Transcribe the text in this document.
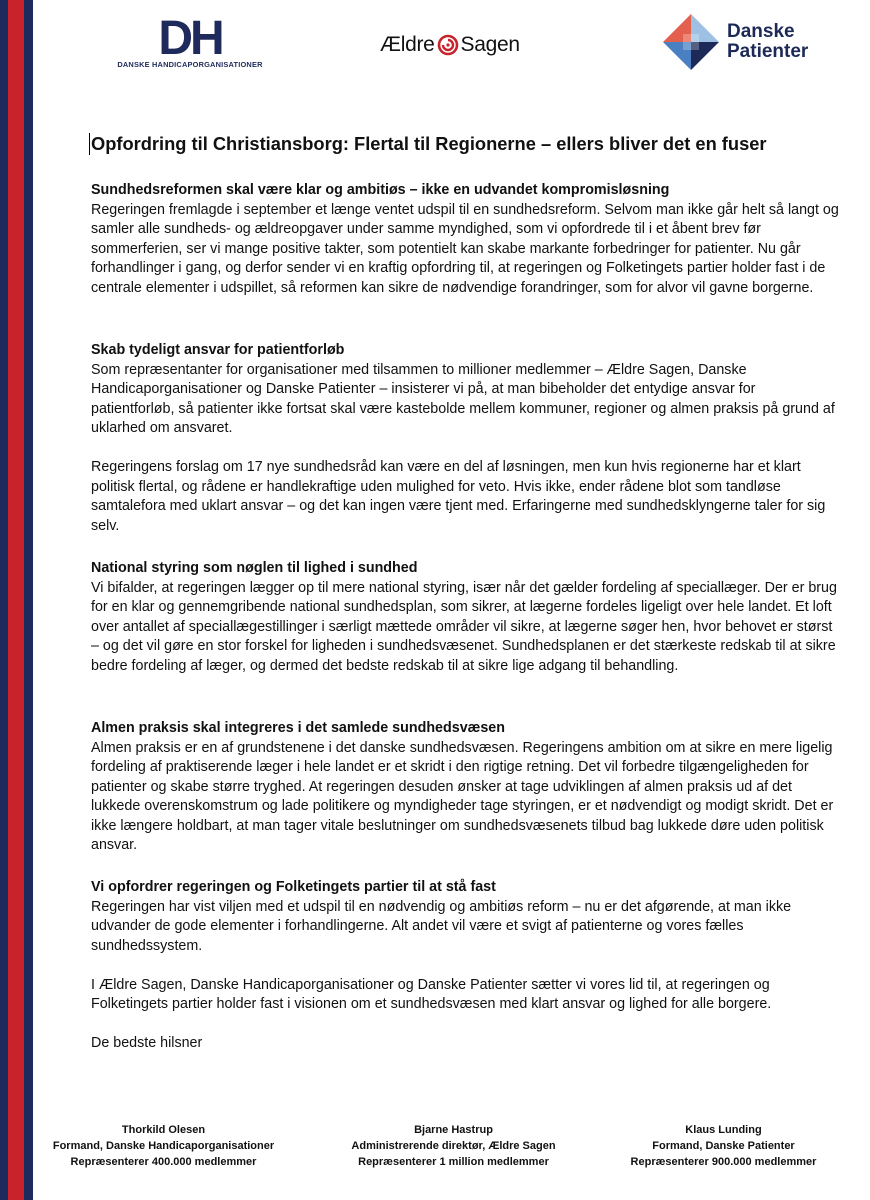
DH
DANSKE HANDICAPORGANISATIONER
Ældre Sagen
Danske
Patienter
Opfordring til Christiansborg: Flertal til Regionerne – ellers bliver det en fuser
Sundhedsreformen skal være klar og ambitiøs – ikke en udvandet kompromisløsning

Regeringen fremlagde i september et længe ventet udspil til en sundhedsreform. Selvom man ikke går helt så langt og samler alle sundheds- og ældreopgaver under samme myndighed, som vi opfordrede til i et åbent brev før sommerferien, ser vi mange positive takter, som potentielt kan skabe markante forbedringer for patienter. Nu går forhandlinger i gang, og derfor sender vi en kraftig opfordring til, at regeringen og Folketingets partier holder fast i de centrale elementer i udspillet, så reformen kan sikre de nødvendige forandringer, som for alvor vil gavne borgerne.

Skab tydeligt ansvar for patientforløb

Som repræsentanter for organisationer med tilsammen to millioner medlemmer – Ældre Sagen, Danske Handicaporganisationer og Danske Patienter – insisterer vi på, at man bibeholder det entydige ansvar for patientforløb, så patienter ikke fortsat skal være kastebolde mellem kommuner, regioner og almen praksis på grund af uklarhed om ansvaret.

Regeringens forslag om 17 nye sundhedsråd kan være en del af løsningen, men kun hvis regionerne har et klart politisk flertal, og rådene er handlekraftige uden mulighed for veto. Hvis ikke, ender rådene blot som tandløse samtalefora med uklart ansvar – og det kan ingen være tjent med. Erfaringerne med sundhedsklyngerne taler for sig selv.

National styring som nøglen til lighed i sundhed

Vi bifalder, at regeringen lægger op til mere national styring, især når det gælder fordeling af speciallæger. Der er brug for en klar og gennemgribende national sundhedsplan, som sikrer, at lægerne fordeles ligeligt over hele landet. Et loft over antallet af speciallægestillinger i særligt mættede områder vil sikre, at lægerne søger hen, hvor behovet er størst – og det vil gøre en stor forskel for ligheden i sundhedsvæsenet. Sundhedsplanen er det stærkeste redskab til at sikre bedre fordeling af læger, og dermed det bedste redskab til at sikre lige adgang til behandling.

Almen praksis skal integreres i det samlede sundhedsvæsen

Almen praksis er en af grundstenene i det danske sundhedsvæsen. Regeringens ambition om at sikre en mere ligelig fordeling af praktiserende læger i hele landet er et skridt i den rigtige retning. Det vil forbedre tilgængeligheden for patienter og skabe større tryghed. At regeringen desuden ønsker at tage udviklingen af almen praksis ud af det lukkede overenskomstrum og lade politikere og myndigheder tage styringen, er et nødvendigt og modigt skridt. Det er ikke længere holdbart, at man tager vitale beslutninger om sundhedsvæsenets tilbud bag lukkede døre uden politisk ansvar.

Vi opfordrer regeringen og Folketingets partier til at stå fast

Regeringen har vist viljen med et udspil til en nødvendig og ambitiøs reform – nu er det afgørende, at man ikke udvander de gode elementer i forhandlingerne. Alt andet vil være et svigt af patienterne og vores fælles sundhedssystem.

I Ældre Sagen, Danske Handicaporganisationer og Danske Patienter sætter vi vores lid til, at regeringen og Folketingets partier holder fast i visionen om et sundhedsvæsen med klart ansvar og lighed for alle borgere.

De bedste hilsner

Thorkild Olesen
Formand, Danske Handicaporganisationer
Repræsenterer 400.000 medlemmer
Bjarne Hastrup
Administrerende direktør, Ældre Sagen
Repræsenterer 1 million medlemmer
Klaus Lunding
Formand, Danske Patienter
Repræsenterer 900.000 medlemmer
